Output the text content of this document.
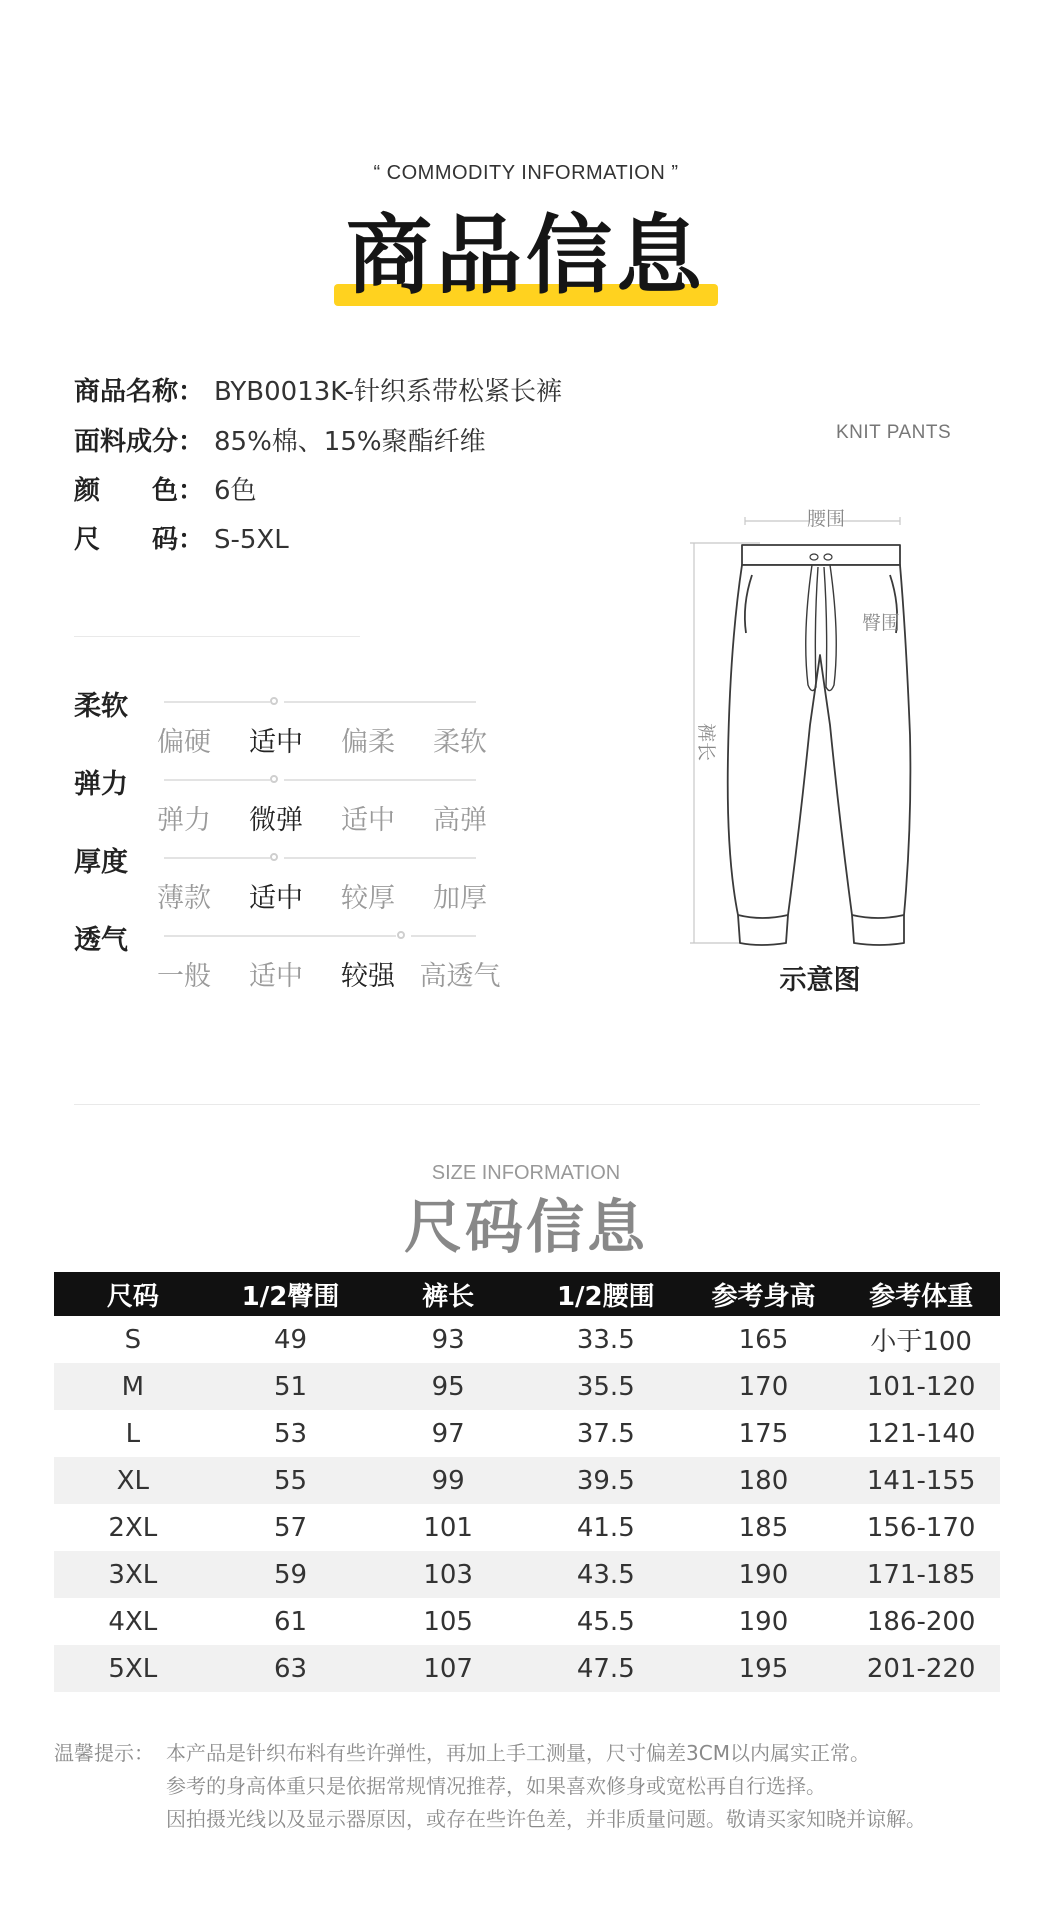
“ COMMODITY INFORMATION ”
商品信息
商品名称： BYB0013K-针织系带松紧长裤
面料成分： 85%棉、15%聚酯纤维
颜　　色： 6色
尺　　码： S-5XL
KNIT PANTS
柔软
偏硬	适中	偏柔	柔软
弹力
弹力	微弹	适中	高弹
厚度
薄款	适中	较厚	加厚
透气
一般	适中	较强 高透气
腰围
臀围
裤长
示意图
SIZE INFORMATION
尺码信息
尺码	1/2臀围	裤长	1/2腰围	参考身高	参考体重
S	49	93	33.5	165	小于100
M	51	95	35.5	170	101-120
L	53	97	37.5	175	121-140
XL	55	99	39.5	180	141-155
2XL	57	101	41.5	185	156-170
3XL	59	103	43.5	190	171-185
4XL	61	105	45.5	190	186-200
5XL	63	107	47.5	195	201-220
温馨提示： 本产品是针织布料有些许弹性，再加上手工测量，尺寸偏差3CM以内属实正常。
参考的身高体重只是依据常规情况推荐，如果喜欢修身或宽松再自行选择。
因拍摄光线以及显示器原因，或存在些许色差，并非质量问题。敬请买家知晓并谅解。
